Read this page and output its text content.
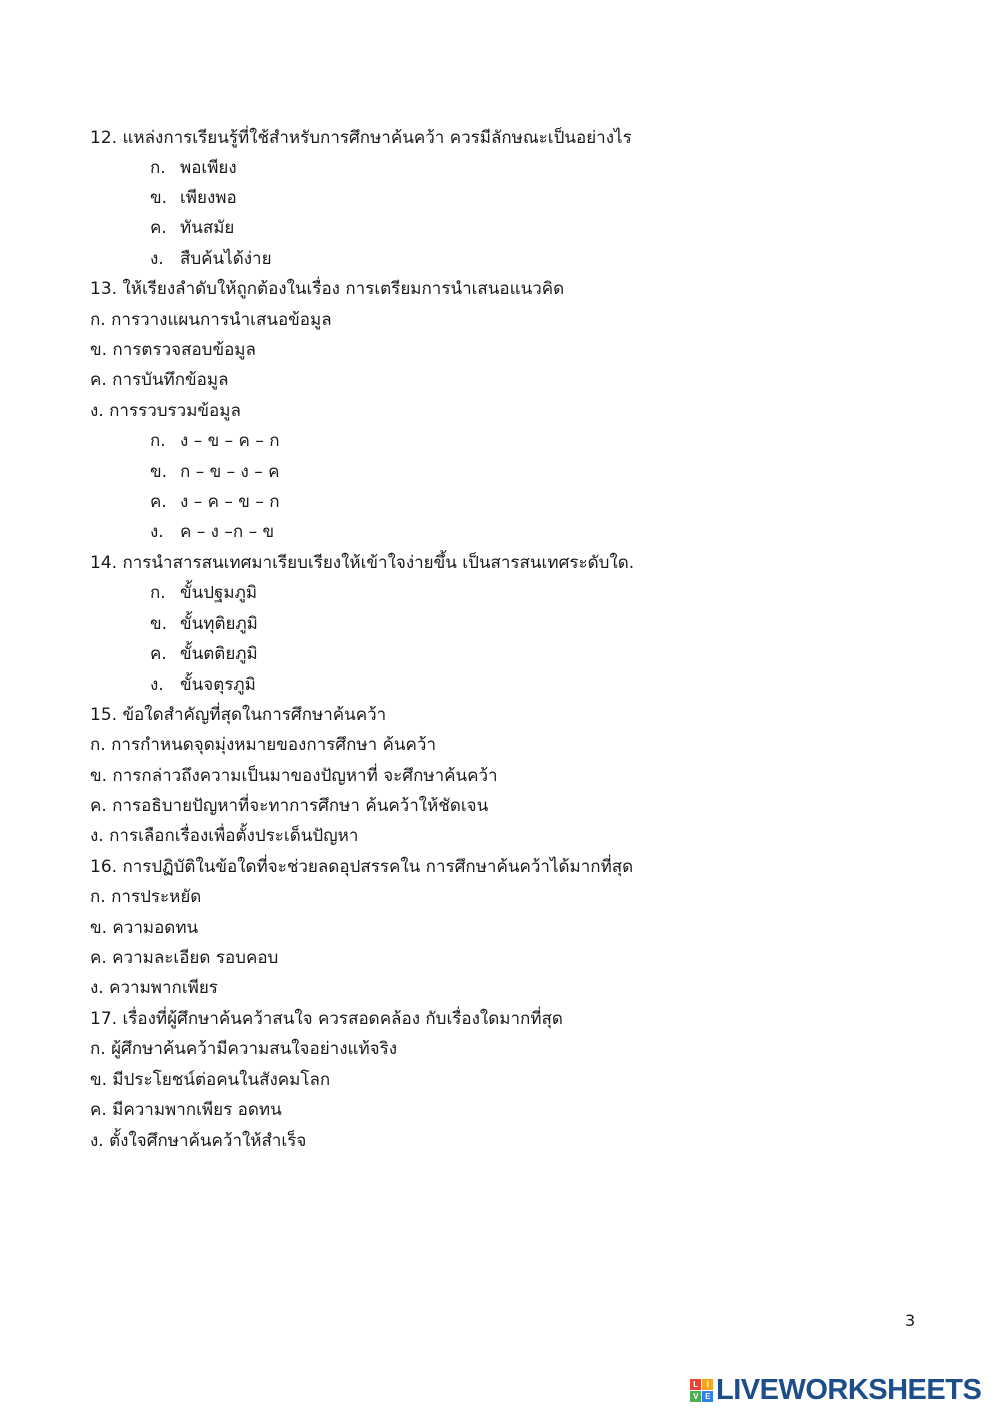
12. แหล่งการเรียนรู้ที่ใช้สำหรับการศึกษาค้นคว้า ควรมีลักษณะเป็นอย่างไร
ก. พอเพียง
ข. เพียงพอ
ค. ทันสมัย
ง. สืบค้นได้ง่าย
13. ให้เรียงลำดับให้ถูกต้องในเรื่อง การเตรียมการนำเสนอแนวคิด
ก. การวางแผนการนำเสนอข้อมูล
ข. การตรวจสอบข้อมูล
ค. การบันทึกข้อมูล
ง. การรวบรวมข้อมูล
ก. ง – ข – ค – ก
ข. ก – ข – ง – ค
ค. ง – ค – ข – ก
ง. ค – ง –ก – ข
14. การนำสารสนเทศมาเรียบเรียงให้เข้าใจง่ายขึ้น เป็นสารสนเทศระดับใด.
ก. ขั้นปฐมภูมิ
ข. ขั้นทุติยภูมิ
ค. ขั้นตติยภูมิ
ง. ขั้นจตุรภูมิ
15. ข้อใดสำคัญที่สุดในการศึกษาค้นคว้า
ก. การกำหนดจุดมุ่งหมายของการศึกษา ค้นคว้า
ข. การกล่าวถึงความเป็นมาของปัญหาที่ จะศึกษาค้นคว้า
ค. การอธิบายปัญหาที่จะทาการศึกษา ค้นคว้าให้ชัดเจน
ง. การเลือกเรื่องเพื่อตั้งประเด็นปัญหา
16. การปฏิบัติในข้อใดที่จะช่วยลดอุปสรรคใน การศึกษาค้นคว้าได้มากที่สุด
ก. การประหยัด
ข. ความอดทน
ค. ความละเอียด รอบคอบ
ง. ความพากเพียร
17. เรื่องที่ผู้ศึกษาค้นคว้าสนใจ ควรสอดคล้อง กับเรื่องใดมากที่สุด
ก. ผู้ศึกษาค้นคว้ามีความสนใจอย่างแท้จริง
ข. มีประโยชน์ต่อคนในสังคมโลก
ค. มีความพากเพียร อดทน
ง. ตั้งใจศึกษาค้นคว้าให้สำเร็จ
3
L	I
V E LIVEWORKSHEETS
